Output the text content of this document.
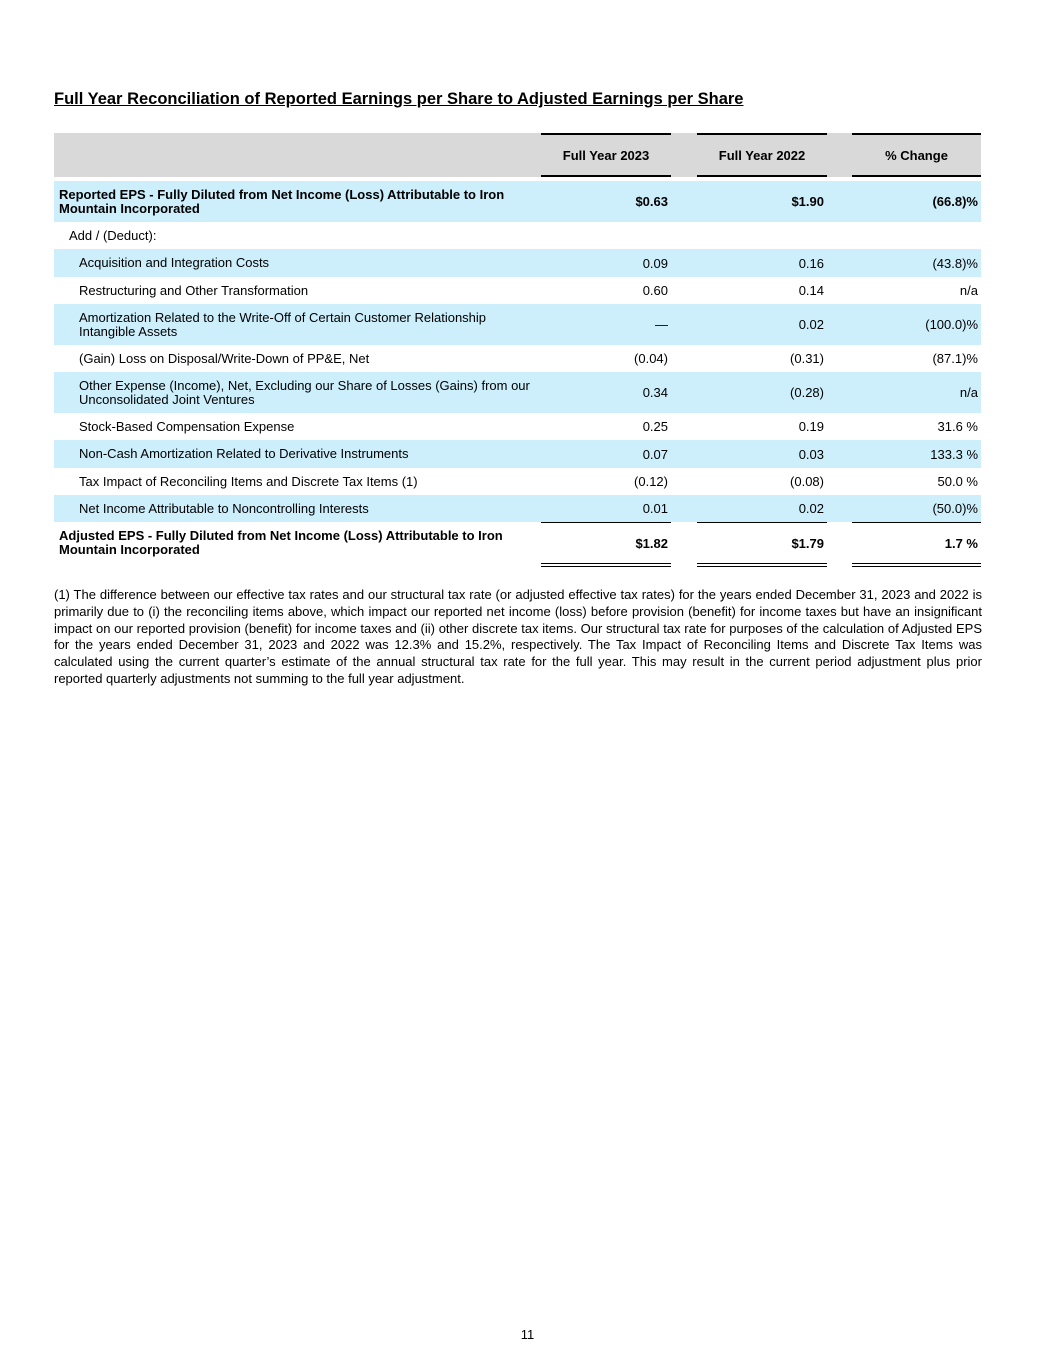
Full Year Reconciliation of Reported Earnings per Share to Adjusted Earnings per Share
Full Year 2023	Full Year 2022	% Change
Reported EPS - Fully Diluted from Net Income (Loss) Attributable to Iron Mountain Incorporated	$0.63	$1.90	(66.8)%
Add / (Deduct):
Acquisition and Integration Costs	0.09	0.16	(43.8)%
Restructuring and Other Transformation	0.60	0.14	n/a
Amortization Related to the Write-Off of Certain Customer Relationship Intangible Assets	—	0.02	(100.0)%
(Gain) Loss on Disposal/Write-Down of PP&E, Net	(0.04)	(0.31)	(87.1)%
Other Expense (Income), Net, Excluding our Share of Losses (Gains) from our Unconsolidated Joint Ventures	0.34	(0.28)	n/a
Stock-Based Compensation Expense	0.25	0.19	31.6 %
Non-Cash Amortization Related to Derivative Instruments	0.07	0.03	133.3 %
Tax Impact of Reconciling Items and Discrete Tax Items (1)	(0.12)	(0.08)	50.0 %
Net Income Attributable to Noncontrolling Interests	0.01	0.02	(50.0)%
Adjusted EPS - Fully Diluted from Net Income (Loss) Attributable to Iron Mountain Incorporated	$1.82	$1.79	1.7 %
(1) The difference between our effective tax rates and our structural tax rate (or adjusted effective tax rates) for the years ended December 31, 2023 and 2022 is primarily due to (i) the reconciling items above, which impact our reported net income (loss) before provision (benefit) for income taxes but have an insignificant impact on our reported provision (benefit) for income taxes and (ii) other discrete tax items. Our structural tax rate for purposes of the calculation of Adjusted EPS for the years ended December 31, 2023 and 2022 was 12.3% and 15.2%, respectively. The Tax Impact of Reconciling Items and Discrete Tax Items was calculated using the current quarter’s estimate of the annual structural tax rate for the full year. This may result in the current period adjustment plus prior reported quarterly adjustments not summing to the full year adjustment.
11
